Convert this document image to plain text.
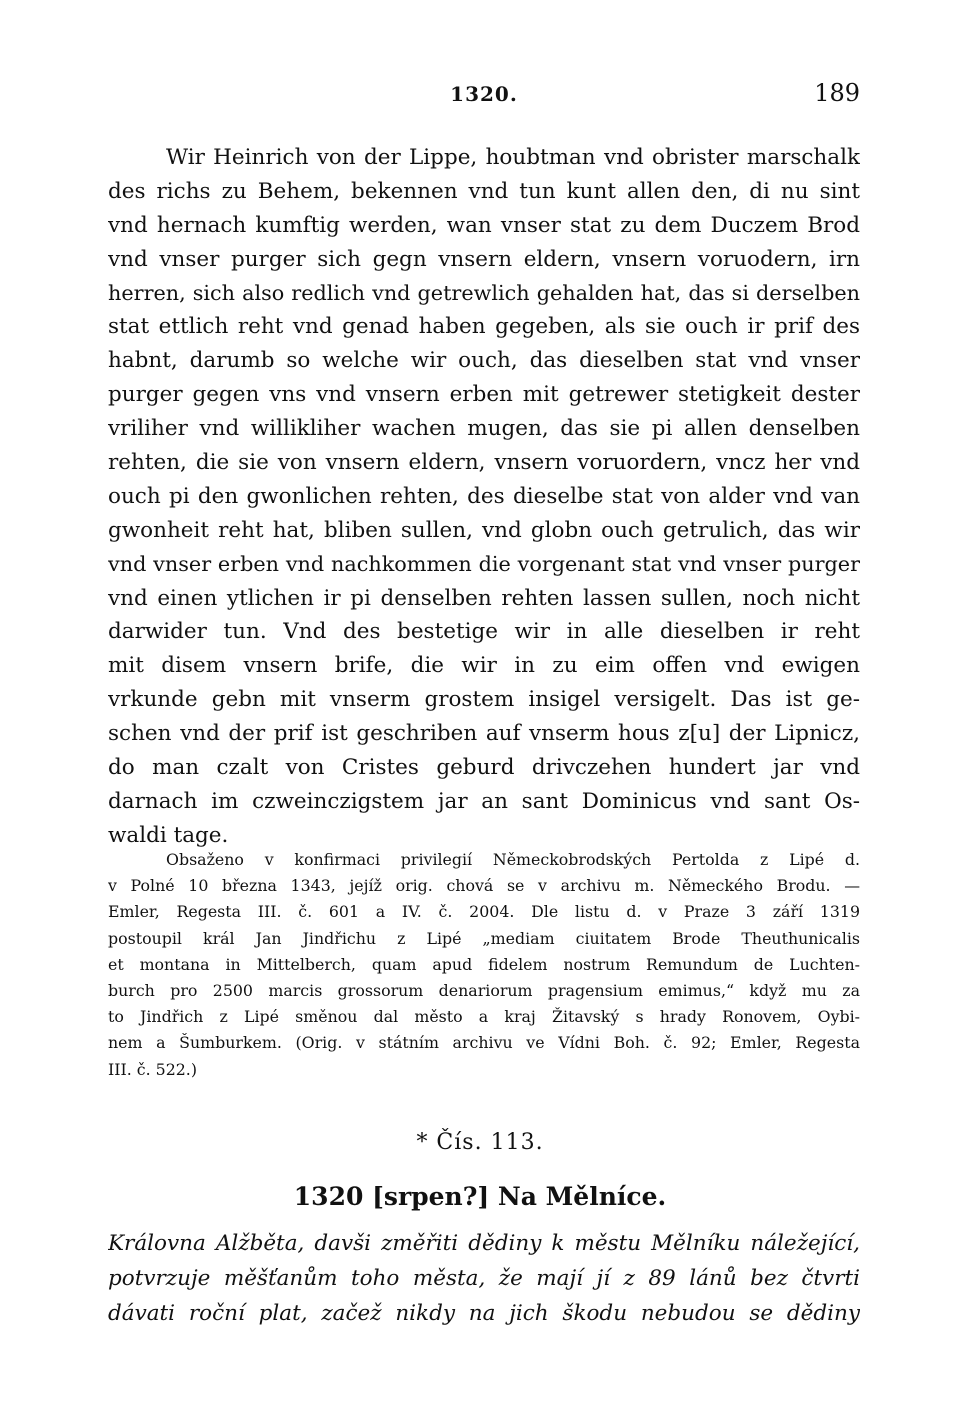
1320.	189
Wir Heinrich von der Lippe, houbtman vnd obrister marschalk
des richs zu Behem, bekennen vnd tun kunt allen den, di nu sint
vnd hernach kumftig werden, wan vnser stat zu dem Duczem Brod
vnd vnser purger sich gegn vnsern eldern, vnsern voruodern, irn
herren, sich also redlich vnd getrewlich gehalden hat, das si derselben
stat ettlich reht vnd genad haben gegeben, als sie ouch ir prif des
habnt, darumb so welche wir ouch, das dieselben stat vnd vnser
purger gegen vns vnd vnsern erben mit getrewer stetigkeit dester
vriliher vnd willikliher wachen mugen, das sie pi allen denselben
rehten, die sie von vnsern eldern, vnsern voruordern, vncz her vnd
ouch pi den gwonlichen rehten, des dieselbe stat von alder vnd van
gwonheit reht hat, bliben sullen, vnd globn ouch getrulich, das wir
vnd vnser erben vnd nachkommen die vorgenant stat vnd vnser purger
vnd einen ytlichen ir pi denselben rehten lassen sullen, noch nicht
darwider tun. Vnd des bestetige wir in alle dieselben ir reht
mit disem vnsern brife, die wir in zu eim offen vnd ewigen
vrkunde gebn mit vnserm grostem insigel versigelt. Das ist ge-
schen vnd der prif ist geschriben auf vnserm hous z[u] der Lipnicz,
do man czalt von Cristes geburd drivczehen hundert jar vnd
darnach im czweinczigstem jar an sant Dominicus vnd sant Os-
waldi tage.
Obsaženo v konfirmaci privilegií Německobrodských Pertolda z Lipé d.
v Polné 10 března 1343, jejíž orig. chová se v archivu m. Německého Brodu. —
Emler, Regesta III. č. 601 a IV. č. 2004. Dle listu d. v Praze 3 září 1319
postoupil král Jan Jindřichu z Lipé „mediam ciuitatem Brode Theuthunicalis
et montana in Mittelberch, quam apud fidelem nostrum Remundum de Luchten-
burch pro 2500 marcis grossorum denariorum pragensium emimus,“ když mu za
to Jindřich z Lipé směnou dal město a kraj Žitavský s hrady Ronovem, Oybi-
nem a Šumburkem. (Orig. v státním archivu ve Vídni Boh. č. 92; Emler, Regesta
III. č. 522.)
* Čís. 113.
1320 [srpen?] Na Mělníce.
Královna Alžběta, davši změřiti dědiny k městu Mělníku náležející,
potvrzuje měšťanům toho města, že mají jí z 89 lánů bez čtvrti
dávati roční plat, začež nikdy na jich škodu nebudou se dědiny
